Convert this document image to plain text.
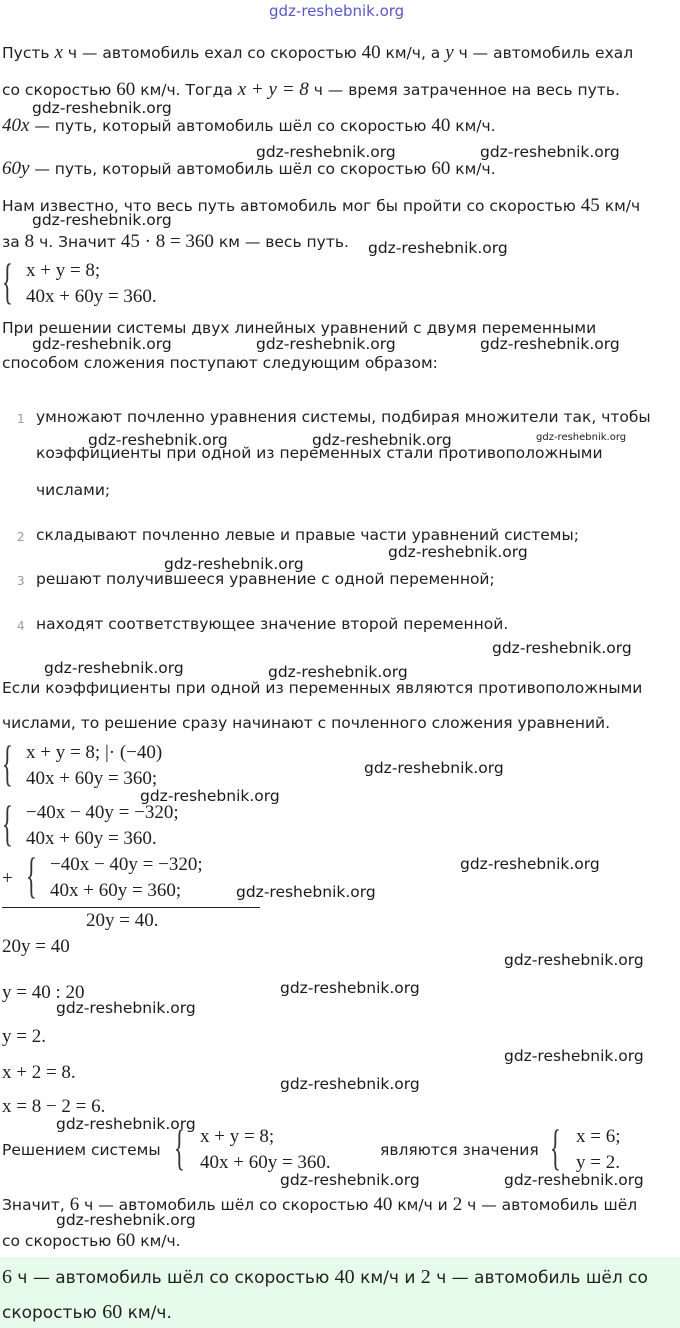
gdz-reshebnik.org
Пусть x ч — автомобиль ехал со скоростью 40 км/ч, а y ч — автомобиль ехал
со скоростью 60 км/ч. Тогда x + y = 8 ч — время затраченное на весь путь.
40x — путь, который автомобиль шёл со скоростью 40 км/ч.
60y — путь, который автомобиль шёл со скоростью 60 км/ч.
Нам известно, что весь путь автомобиль мог бы пройти со скоростью 45 км/ч
за 8 ч. Значит 45 · 8 = 360 км — весь путь.
{ x + y = 8;
40x + 60y = 360.
При решении системы двух линейных уравнений с двумя переменными
способом сложения поступают следующим образом:
1 умножают почленно уравнения системы, подбирая множители так, чтобы
коэффициенты при одной из переменных стали противоположными
числами;
2 складывают почленно левые и правые части уравнений системы;
3 решают получившееся уравнение с одной переменной;
4 находят соответствующее значение второй переменной.
Если коэффициенты при одной из переменных являются противоположными
числами, то решение сразу начинают с почленного сложения уравнений.
{ x + y = 8; |· (−40)
40x + 60y = 360;
{ −40x − 40y = −320;
40x + 60y = 360.
+ { −40x − 40y = −320;
40x + 60y = 360;
20y = 40.
20y = 40
y = 40 : 20
y = 2.
x + 2 = 8.
x = 8 − 2 = 6.
Решением системы { x + y = 8;
40x + 60y = 360.
являются значения { x = 6;
y = 2.
Значит, 6 ч — автомобиль шёл со скоростью 40 км/ч и 2 ч — автомобиль шёл
со скоростью 60 км/ч.
6 ч — автомобиль шёл со скоростью 40 км/ч и 2 ч — автомобиль шёл со
скоростью 60 км/ч.
gdz-reshebnik.org
gdz-reshebnik.org	gdz-reshebnik.org
gdz-reshebnik.org
gdz-reshebnik.org
gdz-reshebnik.org	gdz-reshebnik.org	gdz-reshebnik.org
gdz-reshebnik.org	gdz-reshebnik.org	gdz-reshebnik.org
gdz-reshebnik.org
gdz-reshebnik.org
gdz-reshebnik.org
gdz-reshebnik.org	gdz-reshebnik.org
gdz-reshebnik.org
gdz-reshebnik.org
gdz-reshebnik.org
gdz-reshebnik.org
gdz-reshebnik.org
gdz-reshebnik.org
gdz-reshebnik.org
gdz-reshebnik.org
gdz-reshebnik.org
gdz-reshebnik.org
gdz-reshebnik.org	gdz-reshebnik.org
gdz-reshebnik.org
